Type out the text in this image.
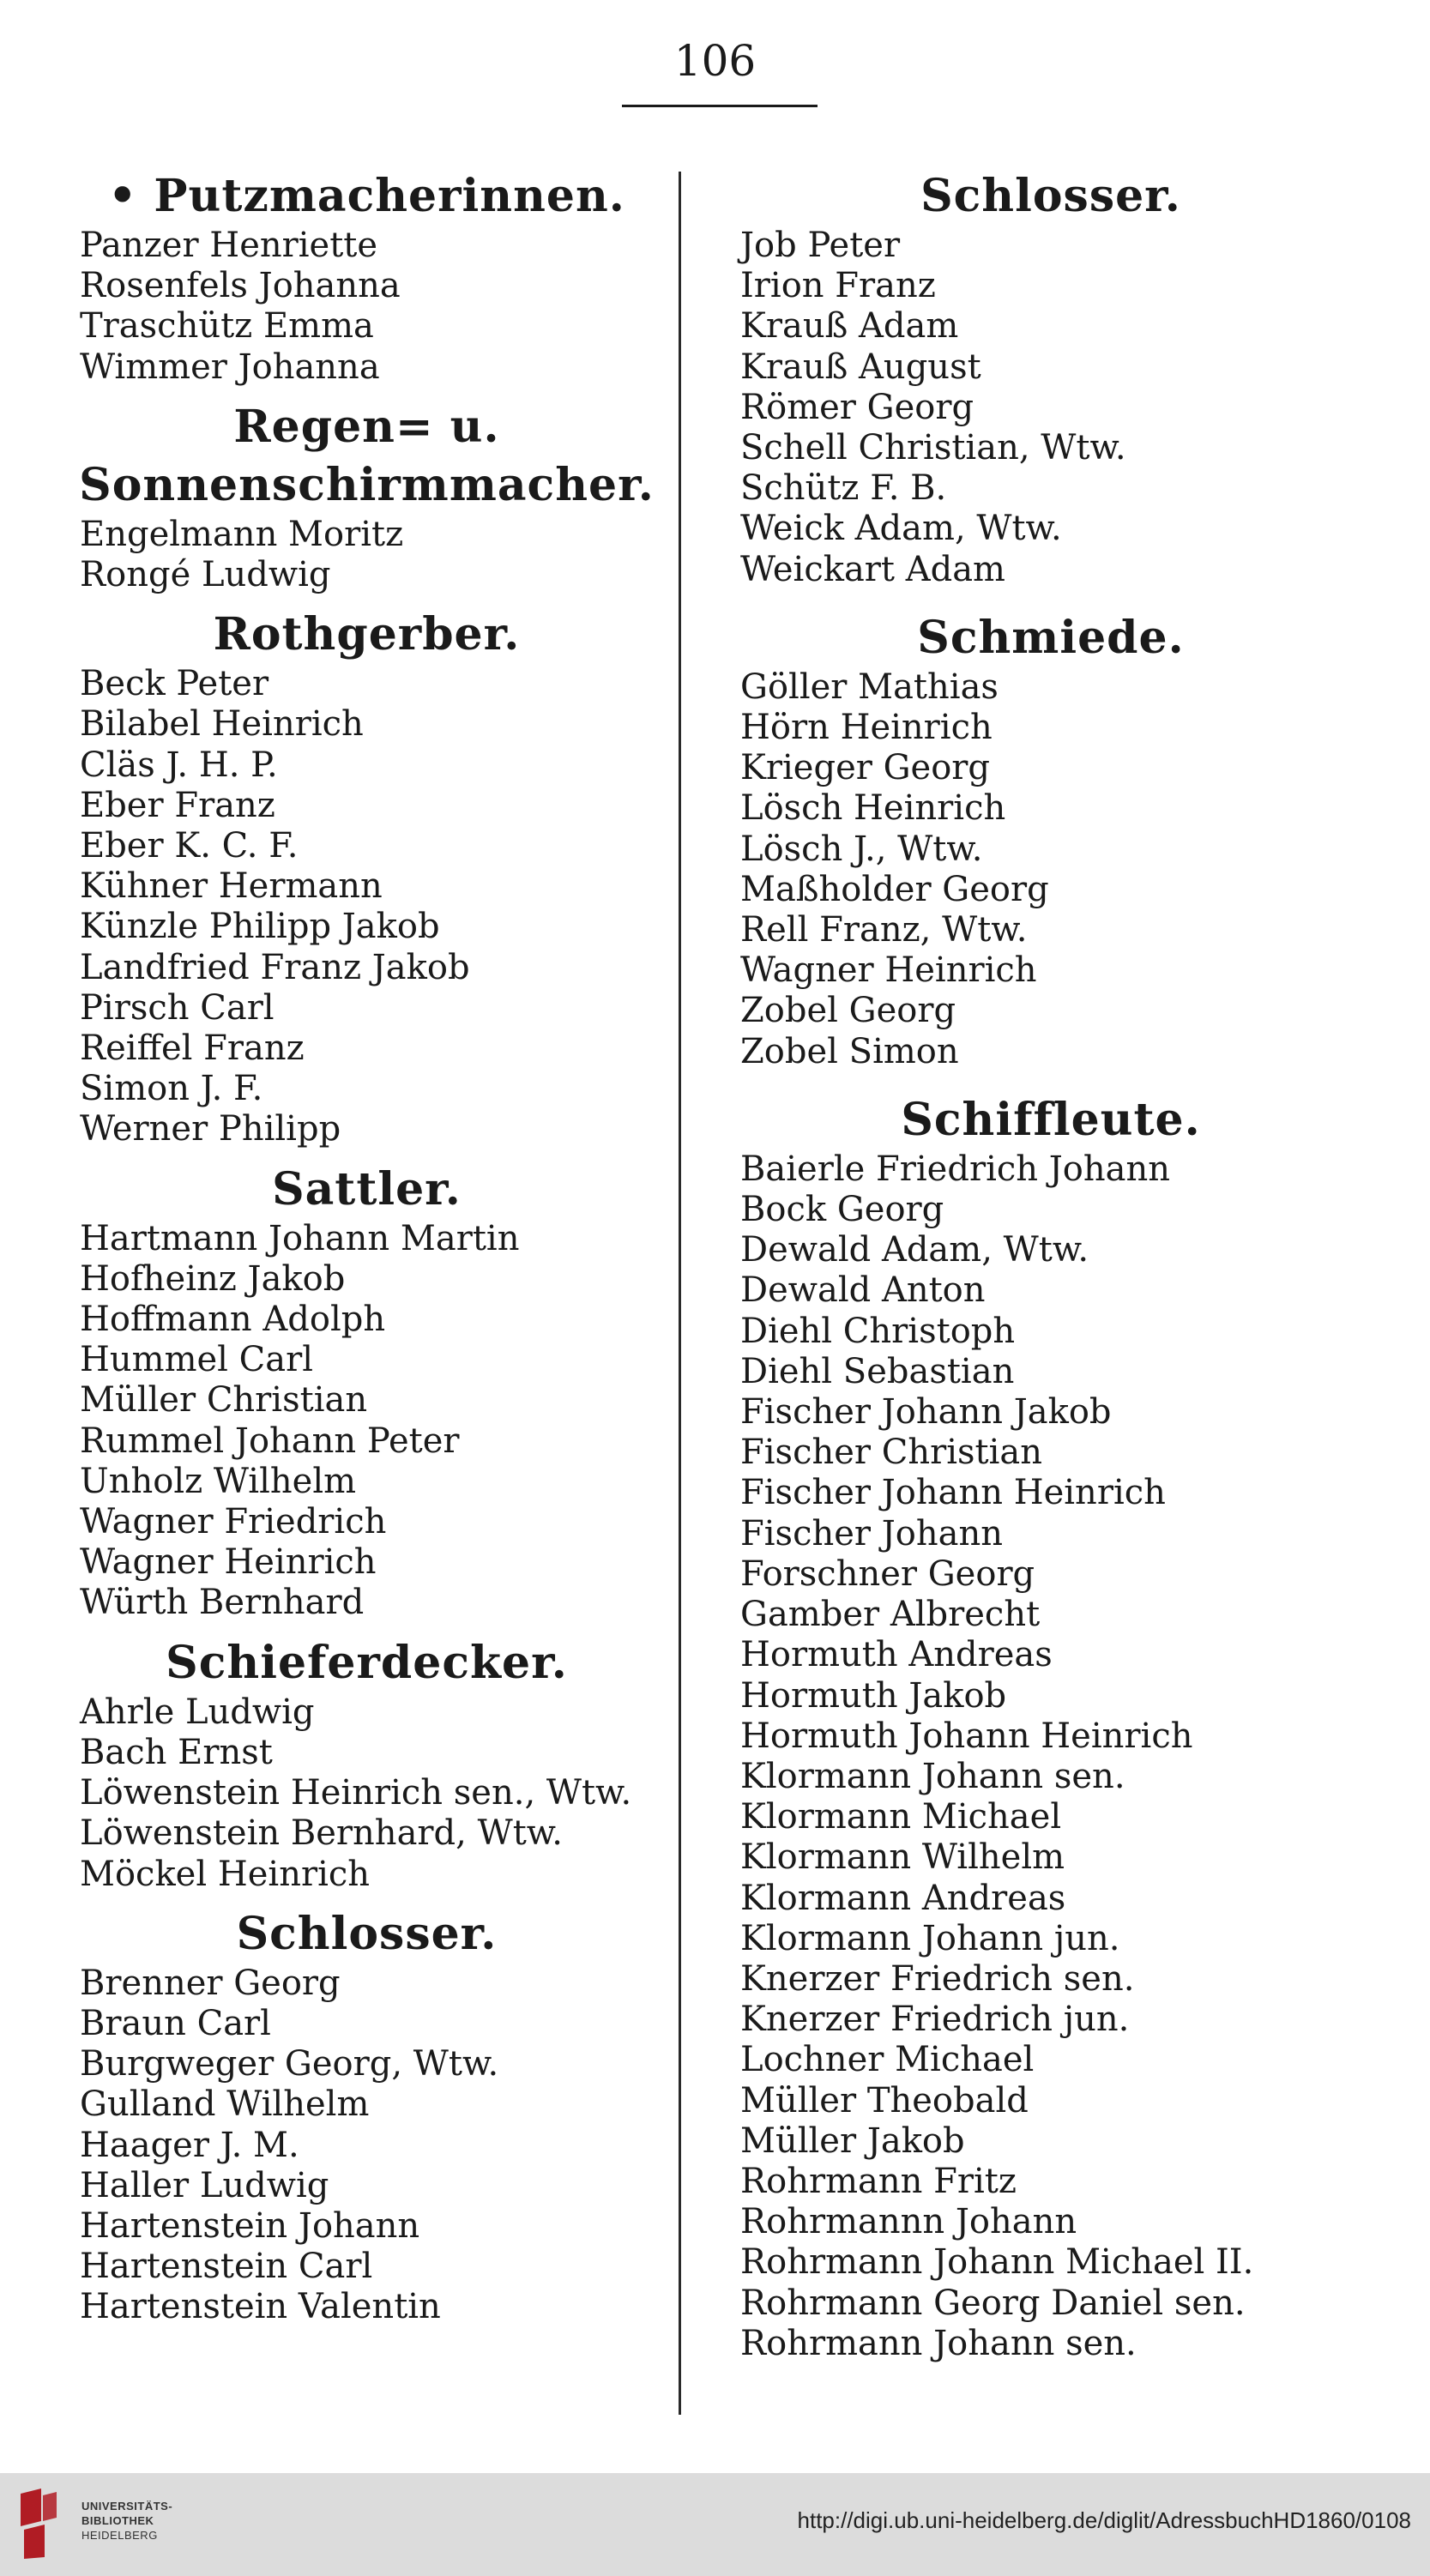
106
• Putzmacherinnen.
Panzer Henriette
Rosenfels Johanna
Traschütz Emma
Wimmer Johanna
Regen= u. Sonnenschirmmacher.
Engelmann Moritz
Rongé Ludwig
Rothgerber.
Beck Peter
Bilabel Heinrich
Cläs J. H. P.
Eber Franz
Eber K. C. F.
Kühner Hermann
Künzle Philipp Jakob
Landfried Franz Jakob
Pirsch Carl
Reiffel Franz
Simon J. F.
Werner Philipp
Sattler.
Hartmann Johann Martin
Hofheinz Jakob
Hoffmann Adolph
Hummel Carl
Müller Christian
Rummel Johann Peter
Unholz Wilhelm
Wagner Friedrich
Wagner Heinrich
Würth Bernhard
Schieferdecker.
Ahrle Ludwig
Bach Ernst
Löwenstein Heinrich sen., Wtw.
Löwenstein Bernhard, Wtw.
Möckel Heinrich
Schlosser.
Brenner Georg
Braun Carl
Burgweger Georg, Wtw.
Gulland Wilhelm
Haager J. M.
Haller Ludwig
Hartenstein Johann
Hartenstein Carl
Hartenstein Valentin
Schlosser.
Job Peter
Irion Franz
Krauß Adam
Krauß August
Römer Georg
Schell Christian, Wtw.
Schütz F. B.
Weick Adam, Wtw.
Weickart Adam
Schmiede.
Göller Mathias
Hörn Heinrich
Krieger Georg
Lösch Heinrich
Lösch J., Wtw.
Maßholder Georg
Rell Franz, Wtw.
Wagner Heinrich
Zobel Georg
Zobel Simon
Schiffleute.
Baierle Friedrich Johann
Bock Georg
Dewald Adam, Wtw.
Dewald Anton
Diehl Christoph
Diehl Sebastian
Fischer Johann Jakob
Fischer Christian
Fischer Johann Heinrich
Fischer Johann
Forschner Georg
Gamber Albrecht
Hormuth Andreas
Hormuth Jakob
Hormuth Johann Heinrich
Klormann Johann sen.
Klormann Michael
Klormann Wilhelm
Klormann Andreas
Klormann Johann jun.
Knerzer Friedrich sen.
Knerzer Friedrich jun.
Lochner Michael
Müller Theobald
Müller Jakob
Rohrmann Fritz
Rohrmannn Johann
Rohrmann Johann Michael II.
Rohrmann Georg Daniel sen.
Rohrmann Johann sen.
UNIVERSITÄTS-
BIBLIOTHEK
HEIDELBERG
http://digi.ub.uni-heidelberg.de/diglit/AdressbuchHD1860/0108
